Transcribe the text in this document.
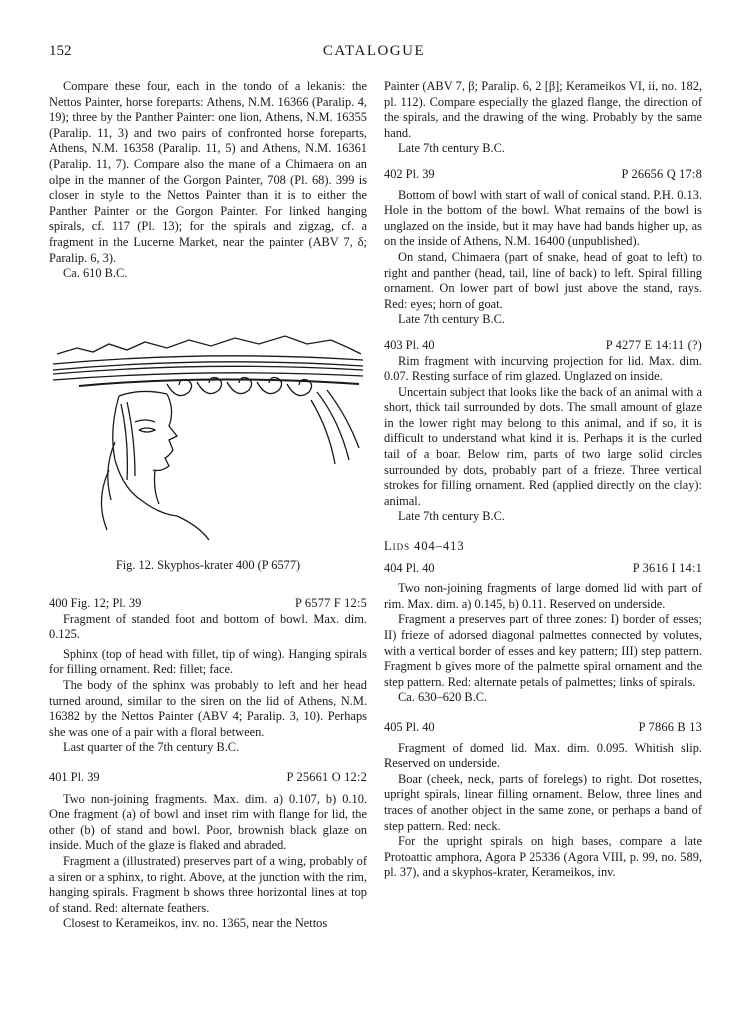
152	CATALOGUE

Compare these four, each in the tondo of a lekanis: the Nettos Painter, horse foreparts: Athens, N.M. 16366 (Paralip. 4, 19); three by the Panther Painter: one lion, Athens, N.M. 16355 (Paralip. 11, 3) and two pairs of confronted horse foreparts, Athens, N.M. 16358 (Paralip. 11, 5) and Athens, N.M. 16361 (Paralip. 11, 7). Compare also the mane of a Chimaera on an olpe in the manner of the Gorgon Painter, 708 (Pl. 68). 399 is closer in style to the Nettos Painter than it is to either the Panther Painter or the Gorgon Painter. For linked hanging spirals, cf. 117 (Pl. 13); for the spirals and zigzag, cf. a fragment in the Lucerne Market, near the painter (ABV 7, δ; Paralip. 6, 3).

Ca. 610 B.C.

Fig. 12. Skyphos-krater 400 (P 6577)
400 Fig. 12; Pl. 39	P 6577 F 12:5

Fragment of standed foot and bottom of bowl. Max. dim. 0.125.

Sphinx (top of head with fillet, tip of wing). Hanging spirals for filling ornament. Red: fillet; face.

The body of the sphinx was probably to left and her head turned around, similar to the siren on the lid of Athens, N.M. 16382 by the Nettos Painter (ABV 4; Paralip. 3, 10). Perhaps she was one of a pair with a floral between.

Last quarter of the 7th century B.C.

401 Pl. 39	P 25661 O 12:2

Two non-joining fragments. Max. dim. a) 0.107, b) 0.10. One fragment (a) of bowl and inset rim with flange for lid, the other (b) of stand and bowl. Poor, brownish black glaze on inside. Much of the glaze is flaked and abraded.

Fragment a (illustrated) preserves part of a wing, probably of a siren or a sphinx, to right. Above, at the junction with the rim, hanging spirals. Fragment b shows three horizontal lines at top of stand. Red: alternate feathers.

Closest to Kerameikos, inv. no. 1365, near the Nettos

Painter (ABV 7, β; Paralip. 6, 2 [β]; Kerameikos VI, ii, no. 182, pl. 112). Compare especially the glazed flange, the direction of the spirals, and the drawing of the wing. Probably by the same hand.

Late 7th century B.C.

402 Pl. 39	P 26656 Q 17:8

Bottom of bowl with start of wall of conical stand. P.H. 0.13. Hole in the bottom of the bowl. What remains of the bowl is unglazed on the inside, but it may have had bands higher up, as on the inside of Athens, N.M. 16400 (unpublished).

On stand, Chimaera (part of snake, head of goat to left) to right and panther (head, tail, line of back) to left. Spiral filling ornament. On lower part of bowl just above the stand, rays. Red: eyes; horn of goat.

Late 7th century B.C.

403 Pl. 40	P 4277 E 14:11 (?)

Rim fragment with incurving projection for lid. Max. dim. 0.07. Resting surface of rim glazed. Unglazed on inside.

Uncertain subject that looks like the back of an animal with a short, thick tail surrounded by dots. The small amount of glaze in the lower right may belong to this animal, and if so, it is difficult to understand what kind it is. Perhaps it is the curled tail of a boar. Below rim, parts of two large solid circles surrounded by dots, probably part of a frieze. Three vertical strokes for filling ornament. Red (applied directly on the clay): animal.

Late 7th century B.C.

Lids 404–413
404 Pl. 40	P 3616 I 14:1

Two non-joining fragments of large domed lid with part of rim. Max. dim. a) 0.145, b) 0.11. Reserved on underside.

Fragment a preserves part of three zones: I) border of esses; II) frieze of adorsed diagonal palmettes connected by volutes, with a vertical border of esses and key pattern; III) step pattern. Fragment b gives more of the palmette spiral ornament and the step pattern. Red: alternate petals of palmettes; links of spirals.

Ca. 630–620 B.C.

405 Pl. 40	P 7866 B 13

Fragment of domed lid. Max. dim. 0.095. Whitish slip. Reserved on underside.

Boar (cheek, neck, parts of forelegs) to right. Dot rosettes, upright spirals, linear filling ornament. Below, three lines and traces of another object in the same zone, or perhaps a band of step pattern. Red: neck.

For the upright spirals on high bases, compare a late Protoattic amphora, Agora P 25336 (Agora VIII, p. 99, no. 589, pl. 37), and a skyphos-krater, Kerameikos, inv.
